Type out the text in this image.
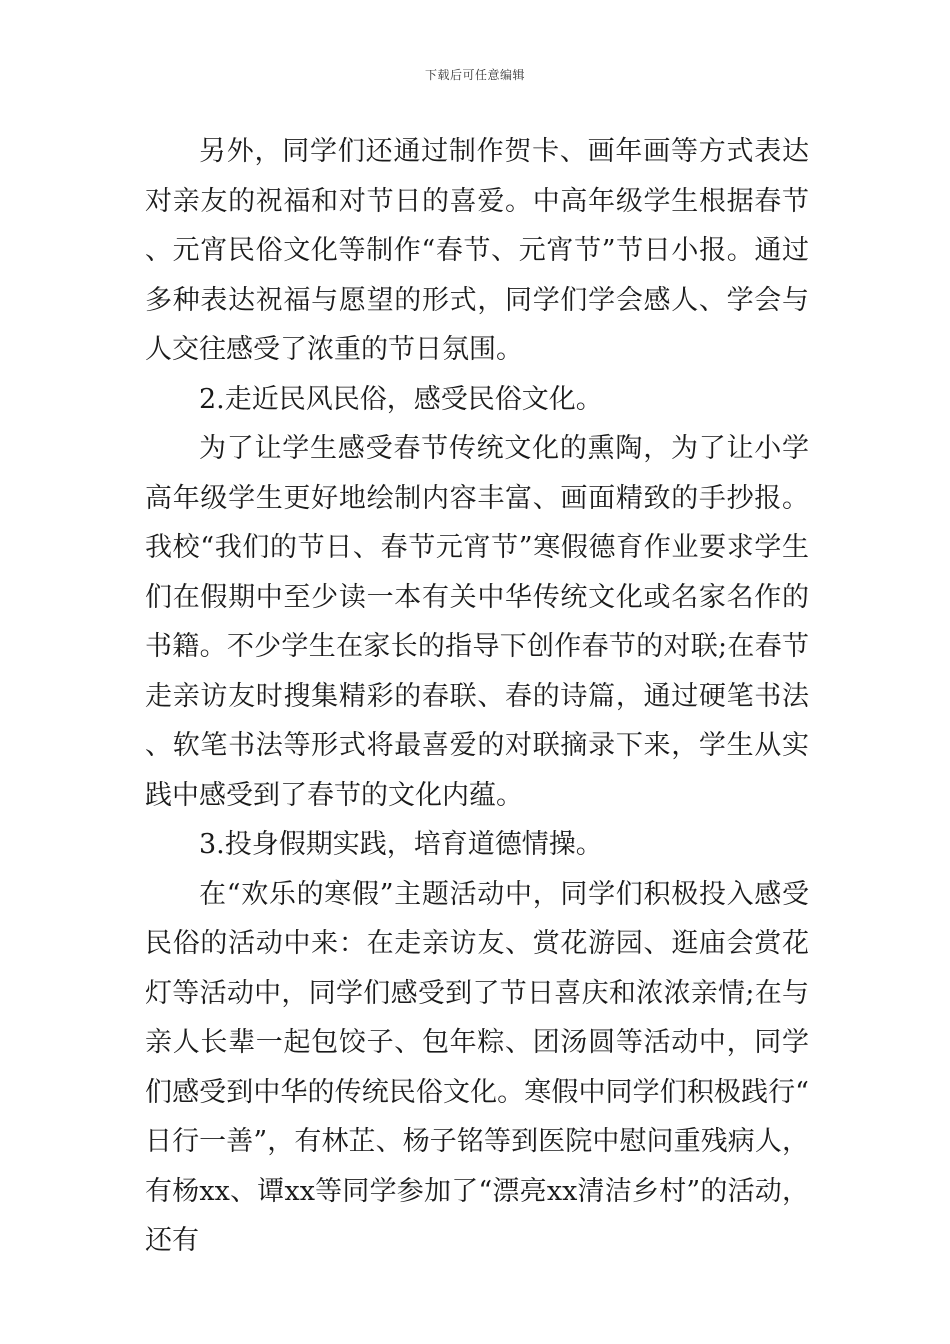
下载后可任意编辑

另外，同学们还通过制作贺卡、画年画等方式表达对亲友的祝福和对节日的喜爱。中高年级学生根据春节、元宵民俗文化等制作“春节、元宵节”节日小报。通过多种表达祝福与愿望的形式，同学们学会感人、学会与人交往感受了浓重的节日氛围。

2.走近民风民俗，感受民俗文化。

为了让学生感受春节传统文化的熏陶，为了让小学高年级学生更好地绘制内容丰富、画面精致的手抄报。我校“我们的节日、春节元宵节”寒假德育作业要求学生们在假期中至少读一本有关中华传统文化或名家名作的书籍。不少学生在家长的指导下创作春节的对联;在春节走亲访友时搜集精彩的春联、春的诗篇，通过硬笔书法、软笔书法等形式将最喜爱的对联摘录下来，学生从实践中感受到了春节的文化内蕴。

3.投身假期实践，培育道德情操。

在“欢乐的寒假”主题活动中，同学们积极投入感受民俗的活动中来：在走亲访友、赏花游园、逛庙会赏花灯等活动中，同学们感受到了节日喜庆和浓浓亲情;在与亲人长辈一起包饺子、包年粽、团汤圆等活动中，同学们感受到中华的传统民俗文化。寒假中同学们积极践行“日行一善”，有林芷、杨子铭等到医院中慰问重残病人，有杨xx、谭xx等同学参加了“漂亮xx清洁乡村”的活动，还有
